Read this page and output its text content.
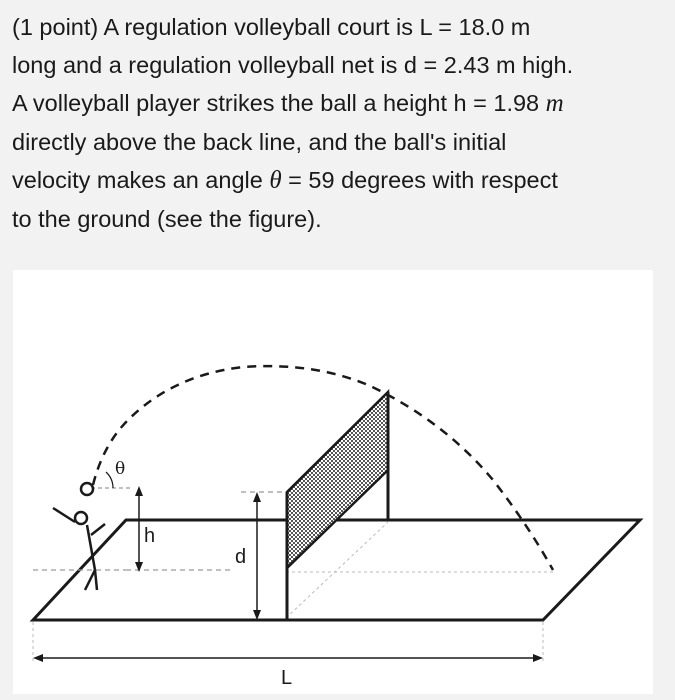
(1 point) A regulation volleyball court is L = 18.0 m
long and a regulation volleyball net is d = 2.43 m high.
A volleyball player strikes the ball a height h = 1.98 m
directly above the back line, and the ball's initial
velocity makes an angle θ = 59 degrees with respect
to the ground (see the figure).
θ
h
d
L
